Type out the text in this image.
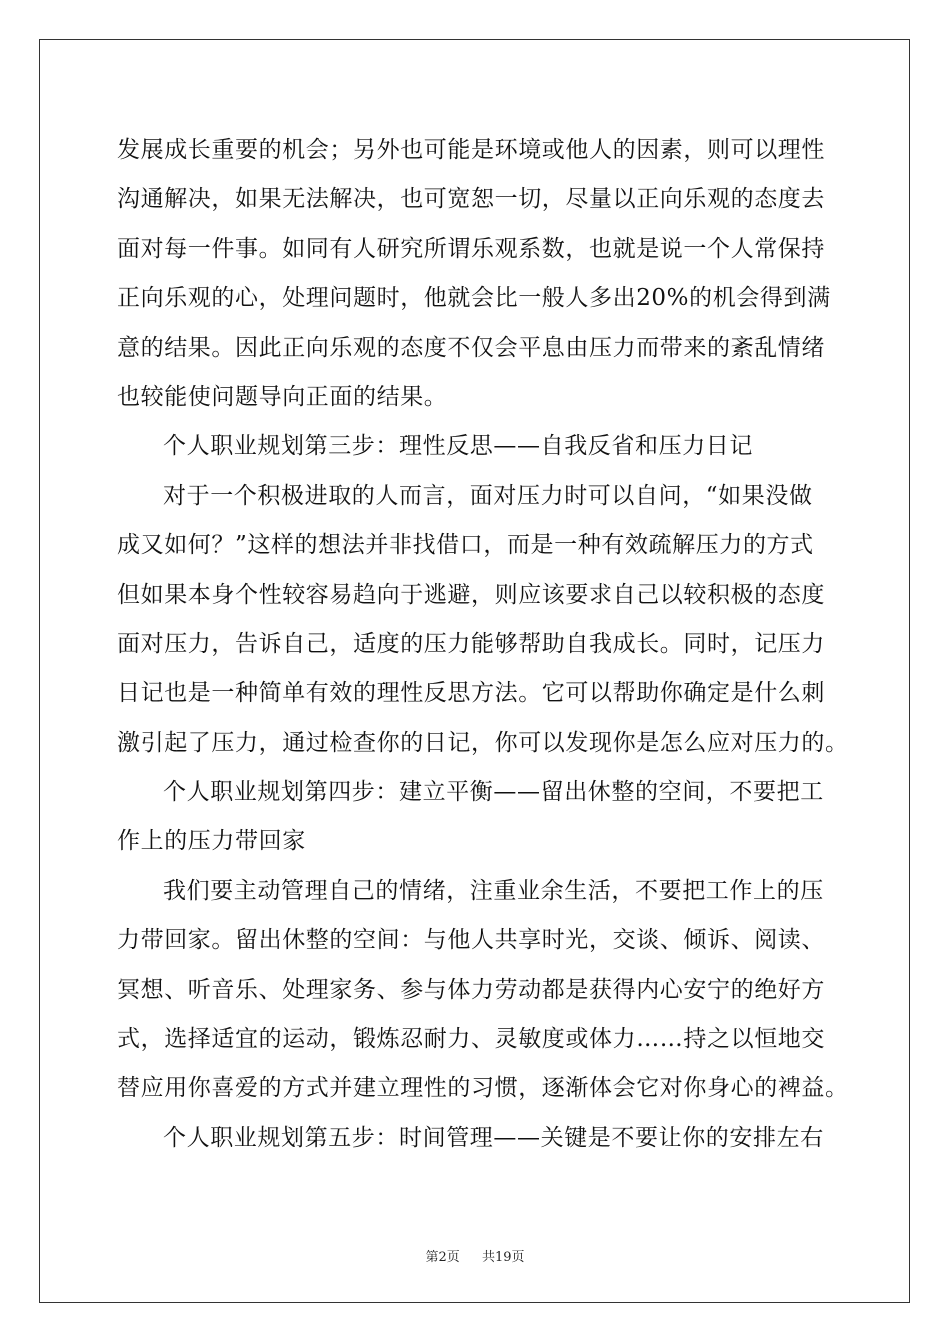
发展成长重要的机会；另外也可能是环境或他人的因素，则可以理性
沟通解决，如果无法解决，也可宽恕一切，尽量以正向乐观的态度去
面对每一件事。如同有人研究所谓乐观系数，也就是说一个人常保持
正向乐观的心，处理问题时，他就会比一般人多出20%的机会得到满
意的结果。因此正向乐观的态度不仅会平息由压力而带来的紊乱情绪
也较能使问题导向正面的结果。
个人职业规划第三步：理性反思——自我反省和压力日记
对于一个积极进取的人而言，面对压力时可以自问，“如果没做
成又如何？”这样的想法并非找借口，而是一种有效疏解压力的方式
但如果本身个性较容易趋向于逃避，则应该要求自己以较积极的态度
面对压力，告诉自己，适度的压力能够帮助自我成长。同时，记压力
日记也是一种简单有效的理性反思方法。它可以帮助你确定是什么刺
激引起了压力，通过检查你的日记，你可以发现你是怎么应对压力的。
个人职业规划第四步：建立平衡——留出休整的空间，不要把工
作上的压力带回家
我们要主动管理自己的情绪，注重业余生活，不要把工作上的压
力带回家。留出休整的空间：与他人共享时光，交谈、倾诉、阅读、
冥想、听音乐、处理家务、参与体力劳动都是获得内心安宁的绝好方
式，选择适宜的运动，锻炼忍耐力、灵敏度或体力……持之以恒地交
替应用你喜爱的方式并建立理性的习惯，逐渐体会它对你身心的裨益。
个人职业规划第五步：时间管理——关键是不要让你的安排左右
第2页 共19页
